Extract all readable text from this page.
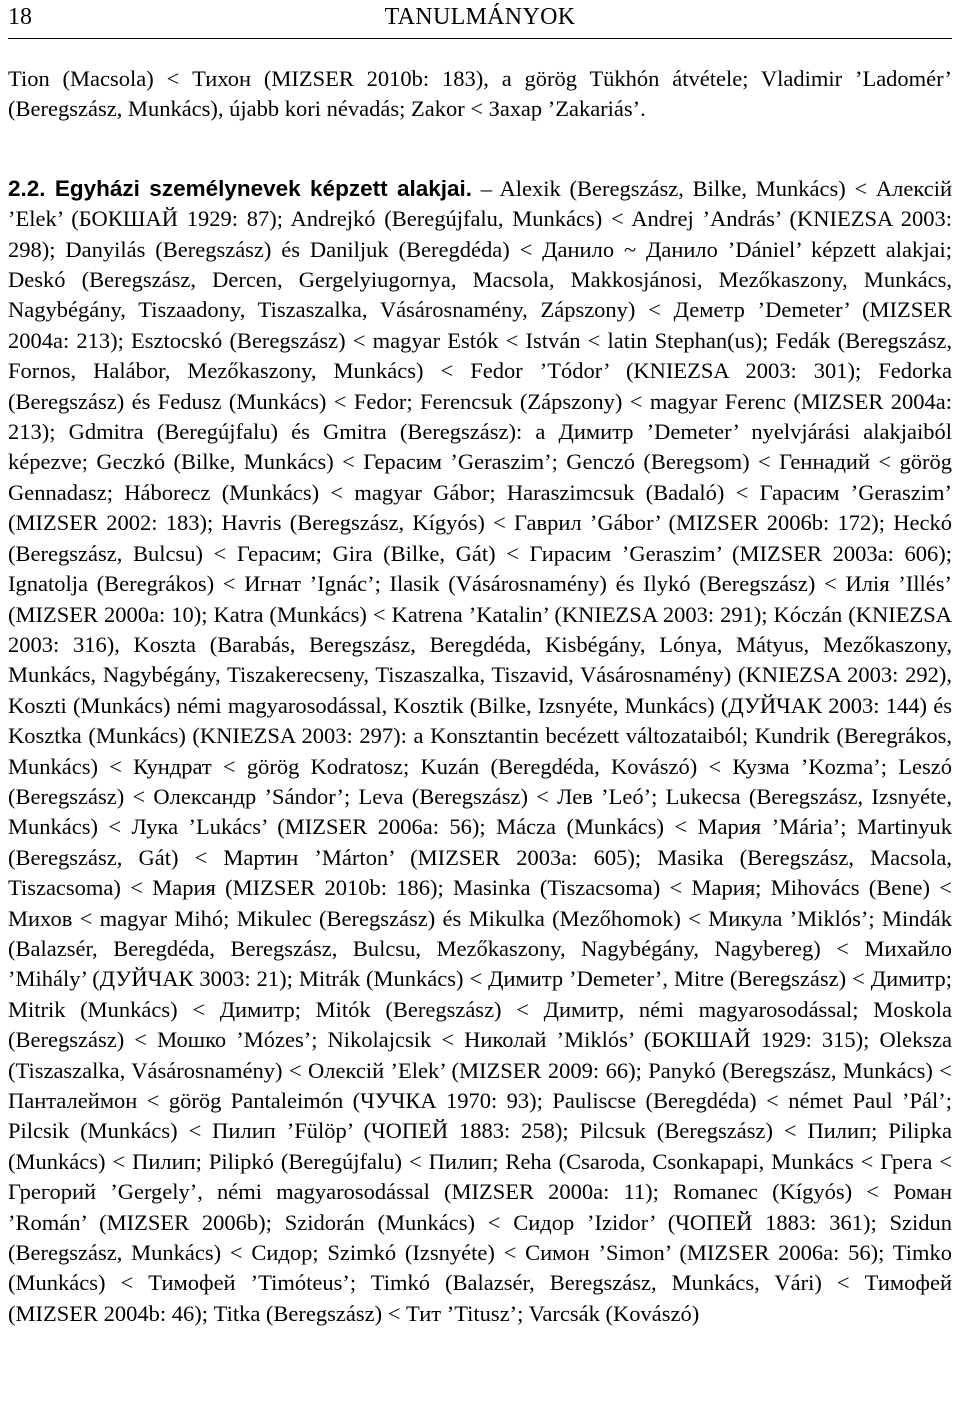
18	TANULMÁNYOK

Tion (Macsola) < Тихон (MIZSER 2010b: 183), a görög Tükhón átvétele; Vladimir ’Ladomér’ (Beregszász, Munkács), újabb kori névadás; Zakor < Захар ’Zakariás’.

2.2. Egyházi személynevek képzett alakjai. – Alexik (Beregszász, Bilke, Munkács) < Алексій ’Elek’ (БОКШАЙ 1929: 87); Andrejkó (Beregújfalu, Munkács) < Andrej ’András’ (KNIEZSA 2003: 298); Danyilás (Beregszász) és Daniljuk (Beregdéda) < Данило ~ Данило ’Dániel’ képzett alakjai; Deskó (Beregszász, Dercen, Gergelyiugornya, Macsola, Makkosjánosi, Mezőkaszony, Munkács, Nagybégány, Tiszaadony, Tiszaszalka, Vásárosnamény, Zápszony) < Деметр ’Demeter’ (MIZSER 2004a: 213); Esztocskó (Beregszász) < magyar Estók < István < latin Stephan(us); Fedák (Beregszász, Fornos, Halábor, Mezőkaszony, Munkács) < Fedor ’Tódor’ (KNIEZSA 2003: 301); Fedorka (Beregszász) és Fedusz (Munkács) < Fedor; Ferencsuk (Zápszony) < magyar Ferenc (MIZSER 2004a: 213); Gdmitra (Beregújfalu) és Gmitra (Beregszász): a Димитр ’Demeter’ nyelvjárási alakjaiból képezve; Geczkó (Bilke, Munkács) < Герасим ’Geraszim’; Genczó (Beregsom) < Геннадий < görög Gennadasz; Háborecz (Munkács) < magyar Gábor; Haraszimcsuk (Badaló) < Гарасим ’Geraszim’ (MIZSER 2002: 183); Havris (Beregszász, Kígyós) < Гаврил ’Gábor’ (MIZSER 2006b: 172); Heckó (Beregszász, Bulcsu) < Герасим; Gira (Bilke, Gát) < Гирасим ’Geraszim’ (MIZSER 2003a: 606); Ignatolja (Beregrákos) < Игнат ’Ignác’; Ilasik (Vásárosnamény) és Ilykó (Beregszász) < Илія ’Illés’ (MIZSER 2000a: 10); Katra (Munkács) < Katrena ’Katalin’ (KNIEZSA 2003: 291); Kóczán (KNIEZSA 2003: 316), Koszta (Barabás, Beregszász, Beregdéda, Kisbégány, Lónya, Mátyus, Mezőkaszony, Munkács, Nagybégány, Tiszakerecseny, Tiszaszalka, Tiszavid, Vásárosnamény) (KNIEZSA 2003: 292), Koszti (Munkács) némi magyarosodással, Kosztik (Bilke, Izsnyéte, Munkács) (ДУЙЧАК 2003: 144) és Kosztka (Munkács) (KNIEZSA 2003: 297): a Konsztantin becézett változataiból; Kundrik (Beregrákos, Munkács) < Кундрат < görög Kodratosz; Kuzán (Beregdéda, Kovászó) < Кузма ’Kozma’; Leszó (Beregszász) < Олександр ’Sándor’; Leva (Beregszász) < Лев ’Leó’; Lukecsa (Beregszász, Izsnyéte, Munkács) < Лука ’Lukács’ (MIZSER 2006a: 56); Mácza (Munkács) < Мария ’Mária’; Martinyuk (Beregszász, Gát) < Мартин ’Márton’ (MIZSER 2003a: 605); Masika (Beregszász, Macsola, Tiszacsoma) < Мария (MIZSER 2010b: 186); Masinka (Tiszacsoma) < Мария; Mihovács (Bene) < Михов < magyar Mihó; Mikulec (Beregszász) és Mikulka (Mezőhomok) < Микула ’Miklós’; Mindák (Balazsér, Beregdéda, Beregszász, Bulcsu, Mezőkaszony, Nagybégány, Nagybereg) < Михайло ’Mihály’ (ДУЙЧАК 3003: 21); Mitrák (Munkács) < Димитр ’Demeter’, Mitre (Beregszász) < Димитр; Mitrik (Munkács) < Димитр; Mitók (Beregszász) < Димитр, némi magyarosodással; Moskola (Beregszász) < Мошко ’Mózes’; Nikolajcsik < Николай ’Miklós’ (БОКШАЙ 1929: 315); Oleksza (Tiszaszalka, Vásárosnamény) < Олексій ’Elek’ (MIZSER 2009: 66); Panykó (Beregszász, Munkács) < Панталеймон < görög Pantaleimón (ЧУЧКА 1970: 93); Pauliscse (Beregdéda) < német Paul ’Pál’; Pilcsik (Munkács) < Пилип ’Fülöp’ (ЧОПЕЙ 1883: 258); Pilcsuk (Beregszász) < Пилип; Pilipka (Munkács) < Пилип; Pilipkó (Beregújfalu) < Пилип; Reha (Csaroda, Csonkapapi, Munkács < Грега < Грегорий ’Gergely’, némi magyarosodással (MIZSER 2000a: 11); Romanec (Kígyós) < Роман ’Román’ (MIZSER 2006b); Szidorán (Munkács) < Сидор ’Izidor’ (ЧОПЕЙ 1883: 361); Szidun (Beregszász, Munkács) < Сидор; Szimkó (Izsnyéte) < Симон ’Simon’ (MIZSER 2006a: 56); Timko (Munkács) < Тимофей ’Timóteus’; Timkó (Balazsér, Beregszász, Munkács, Vári) < Тимофей (MIZSER 2004b: 46); Titka (Beregszász) < Тит ’Titusz’; Varcsák (Kovászó)
